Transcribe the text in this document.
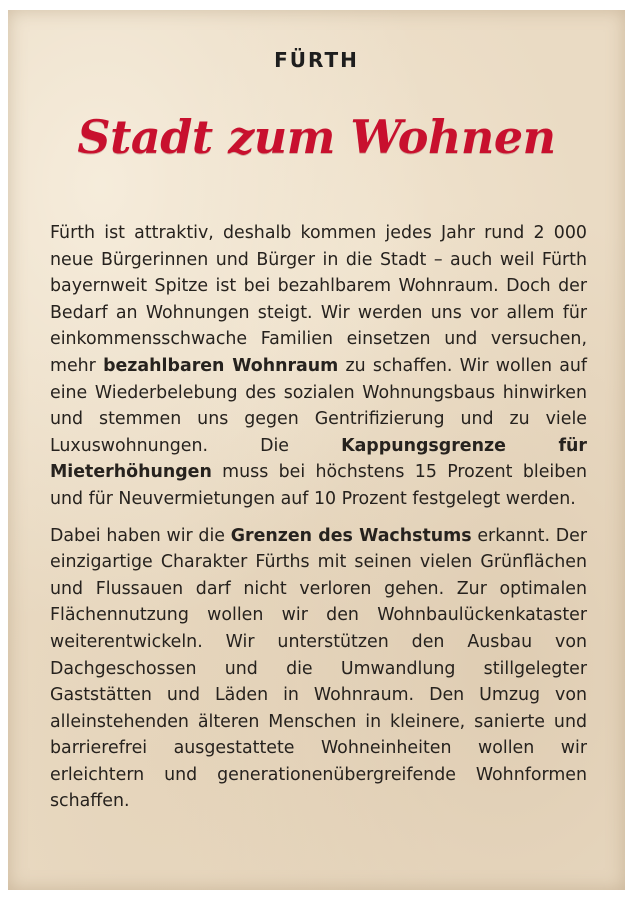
FÜRTH
Stadt zum Wohnen

Fürth ist attraktiv, deshalb kommen jedes Jahr rund 2 000 neue Bürgerinnen und Bürger in die Stadt – auch weil Fürth bayernweit Spitze ist bei bezahlbarem Wohnraum. Doch der Bedarf an Wohnungen steigt. Wir werden uns vor allem für einkommensschwache Familien einsetzen und versuchen, mehr bezahlbaren Wohnraum zu schaffen. Wir wollen auf eine Wiederbelebung des sozialen Wohnungsbaus hinwirken und stemmen uns gegen Gentrifizierung und zu viele Luxuswohnungen. Die Kappungsgrenze für Mieterhöhungen muss bei höchstens 15 Prozent bleiben und für Neuvermietungen auf 10 Prozent festgelegt werden.

Dabei haben wir die Grenzen des Wachstums erkannt. Der einzigartige Charakter Fürths mit seinen vielen Grünflächen und Flussauen darf nicht verloren gehen. Zur optimalen Flächennutzung wollen wir den Wohnbaulückenkataster weiterentwickeln. Wir unterstützen den Ausbau von Dachgeschossen und die Umwandlung stillgelegter Gaststätten und Läden in Wohnraum. Den Umzug von alleinstehenden älteren Menschen in kleinere, sanierte und barrierefrei ausgestattete Wohneinheiten wollen wir erleichtern und generationenübergreifende Wohnformen schaffen.
